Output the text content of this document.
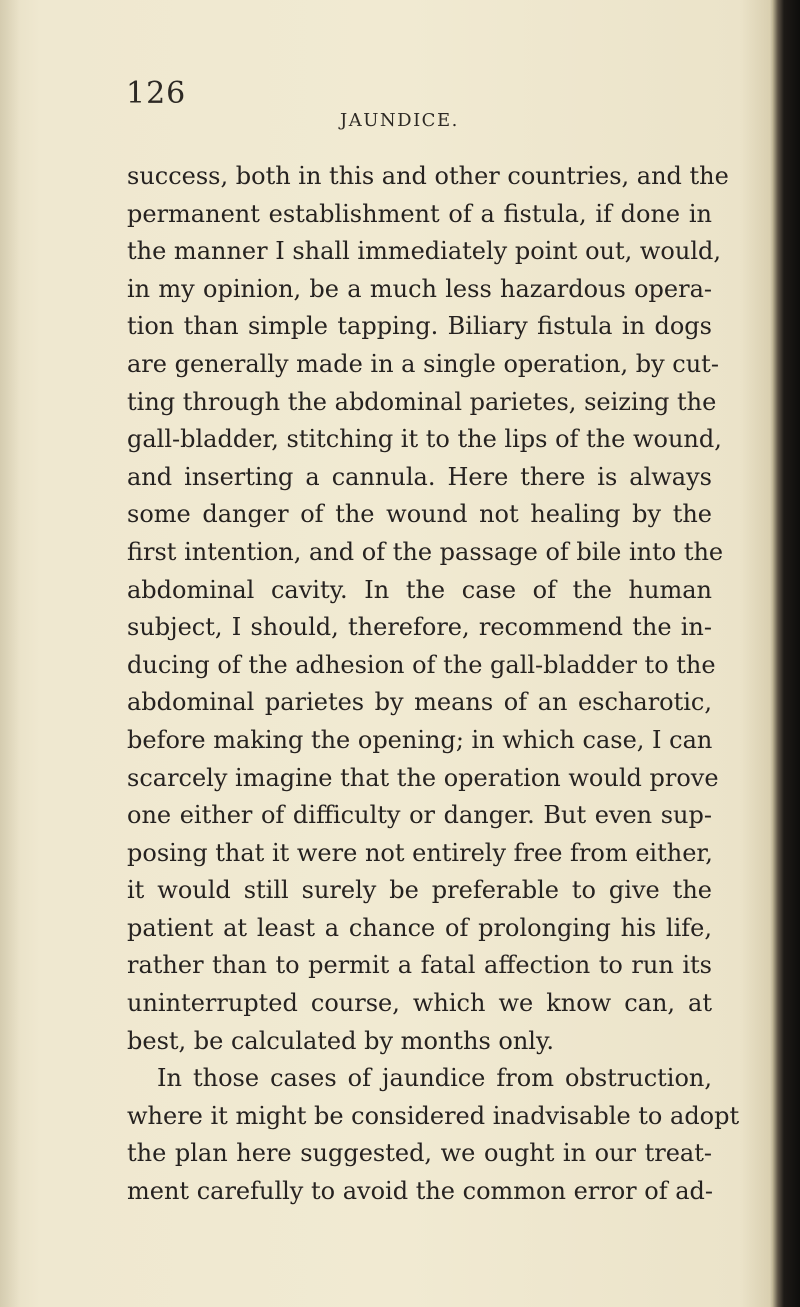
126
JAUNDICE.
success, both in this and other countries, and the
permanent establishment of a fistula, if done in
the manner I shall immediately point out, would,
in my opinion, be a much less hazardous opera-
tion than simple tapping. Biliary fistula in dogs
are generally made in a single operation, by cut-
ting through the abdominal parietes, seizing the
gall-bladder, stitching it to the lips of the wound,
and inserting a cannula. Here there is always
some danger of the wound not healing by the
first intention, and of the passage of bile into the
abdominal cavity. In the case of the human
subject, I should, therefore, recommend the in-
ducing of the adhesion of the gall-bladder to the
abdominal parietes by means of an escharotic,
before making the opening; in which case, I can
scarcely imagine that the operation would prove
one either of difficulty or danger. But even sup-
posing that it were not entirely free from either,
it would still surely be preferable to give the
patient at least a chance of prolonging his life,
rather than to permit a fatal affection to run its
uninterrupted course, which we know can, at
best, be calculated by months only.
In those cases of jaundice from obstruction,
where it might be considered inadvisable to adopt
the plan here suggested, we ought in our treat-
ment carefully to avoid the common error of ad-
